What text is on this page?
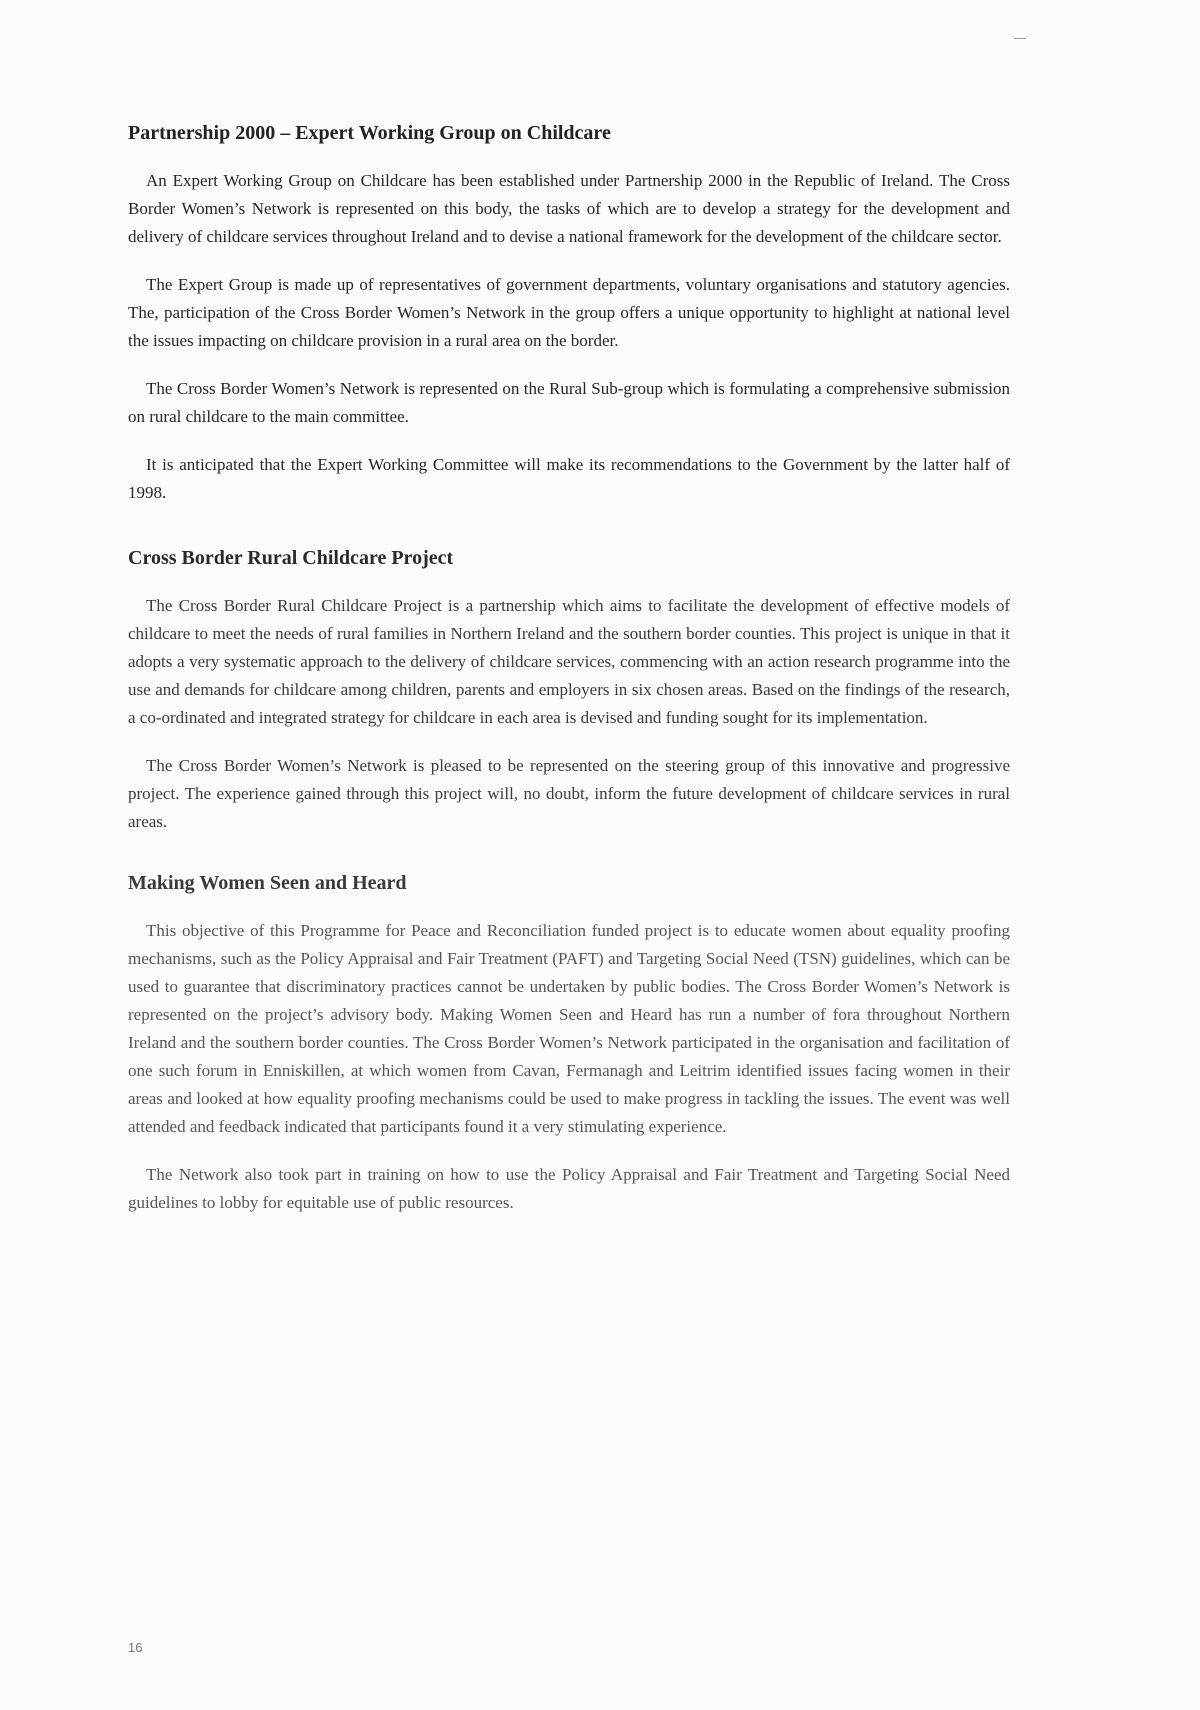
Partnership 2000 – Expert Working Group on Childcare

An Expert Working Group on Childcare has been established under Partnership 2000 in the Republic of Ireland. The Cross Border Women’s Network is represented on this body, the tasks of which are to develop a strategy for the development and delivery of childcare services throughout Ireland and to devise a national framework for the development of the childcare sector.

The Expert Group is made up of representatives of government departments, voluntary organisations and statutory agencies. The, participation of the Cross Border Women’s Network in the group offers a unique opportunity to highlight at national level the issues impacting on childcare provision in a rural area on the border.

The Cross Border Women’s Network is represented on the Rural Sub-group which is formulating a comprehensive submission on rural childcare to the main committee.

It is anticipated that the Expert Working Committee will make its recommendations to the Government by the latter half of 1998.

Cross Border Rural Childcare Project

The Cross Border Rural Childcare Project is a partnership which aims to facilitate the development of effective models of childcare to meet the needs of rural families in Northern Ireland and the southern border counties. This project is unique in that it adopts a very systematic approach to the delivery of childcare services, commencing with an action research programme into the use and demands for childcare among children, parents and employers in six chosen areas. Based on the findings of the research, a co-ordinated and integrated strategy for childcare in each area is devised and funding sought for its implementation.

The Cross Border Women’s Network is pleased to be represented on the steering group of this innovative and progressive project. The experience gained through this project will, no doubt, inform the future development of childcare services in rural areas.

Making Women Seen and Heard

This objective of this Programme for Peace and Reconciliation funded project is to educate women about equality proofing mechanisms, such as the Policy Appraisal and Fair Treatment (PAFT) and Targeting Social Need (TSN) guidelines, which can be used to guarantee that discriminatory practices cannot be undertaken by public bodies. The Cross Border Women’s Network is represented on the project’s advisory body. Making Women Seen and Heard has run a number of fora throughout Northern Ireland and the southern border counties. The Cross Border Women’s Network participated in the organisation and facilitation of one such forum in Enniskillen, at which women from Cavan, Fermanagh and Leitrim identified issues facing women in their areas and looked at how equality proofing mechanisms could be used to make progress in tackling the issues. The event was well attended and feedback indicated that participants found it a very stimulating experience.

The Network also took part in training on how to use the Policy Appraisal and Fair Treatment and Targeting Social Need guidelines to lobby for equitable use of public resources.

16
